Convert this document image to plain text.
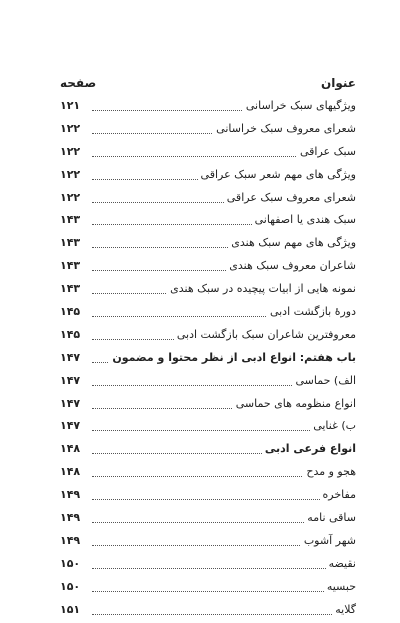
عنوان
صفحه
ویژگیهای سبک خراسانی
۱۲۱
شعرای معروف سبک خراسانی
۱۲۲
سبک عراقی
۱۲۲
ویژگی های مهم شعر سبک عراقی
۱۲۲
شعرای معروف سبک عراقی
۱۲۲
سبک هندی یا اصفهانی
۱۴۳
ویژگی های مهم سبک هندی
۱۴۳
شاعران معروف سبک هندی
۱۴۳
نمونه هایی از ابیات پیچیده در سبک هندی
۱۴۳
دورهٔ بازگشت ادبی
۱۴۵
معروفترین شاعران سبک بازگشت ادبی
۱۴۵
باب هفتم: انواع ادبی از نظر محتوا و مضمون
۱۴۷
الف) حماسی
۱۴۷
انواع منظومه های حماسی
۱۴۷
ب) غنایی
۱۴۷
انواع فرعی ادبی
۱۴۸
هجو و مدح
۱۴۸
مفاخره
۱۴۹
ساقی نامه
۱۴۹
شهر آشوب
۱۴۹
نقیضه
۱۵۰
حبسیه
۱۵۰
گلایه
۱۵۱
